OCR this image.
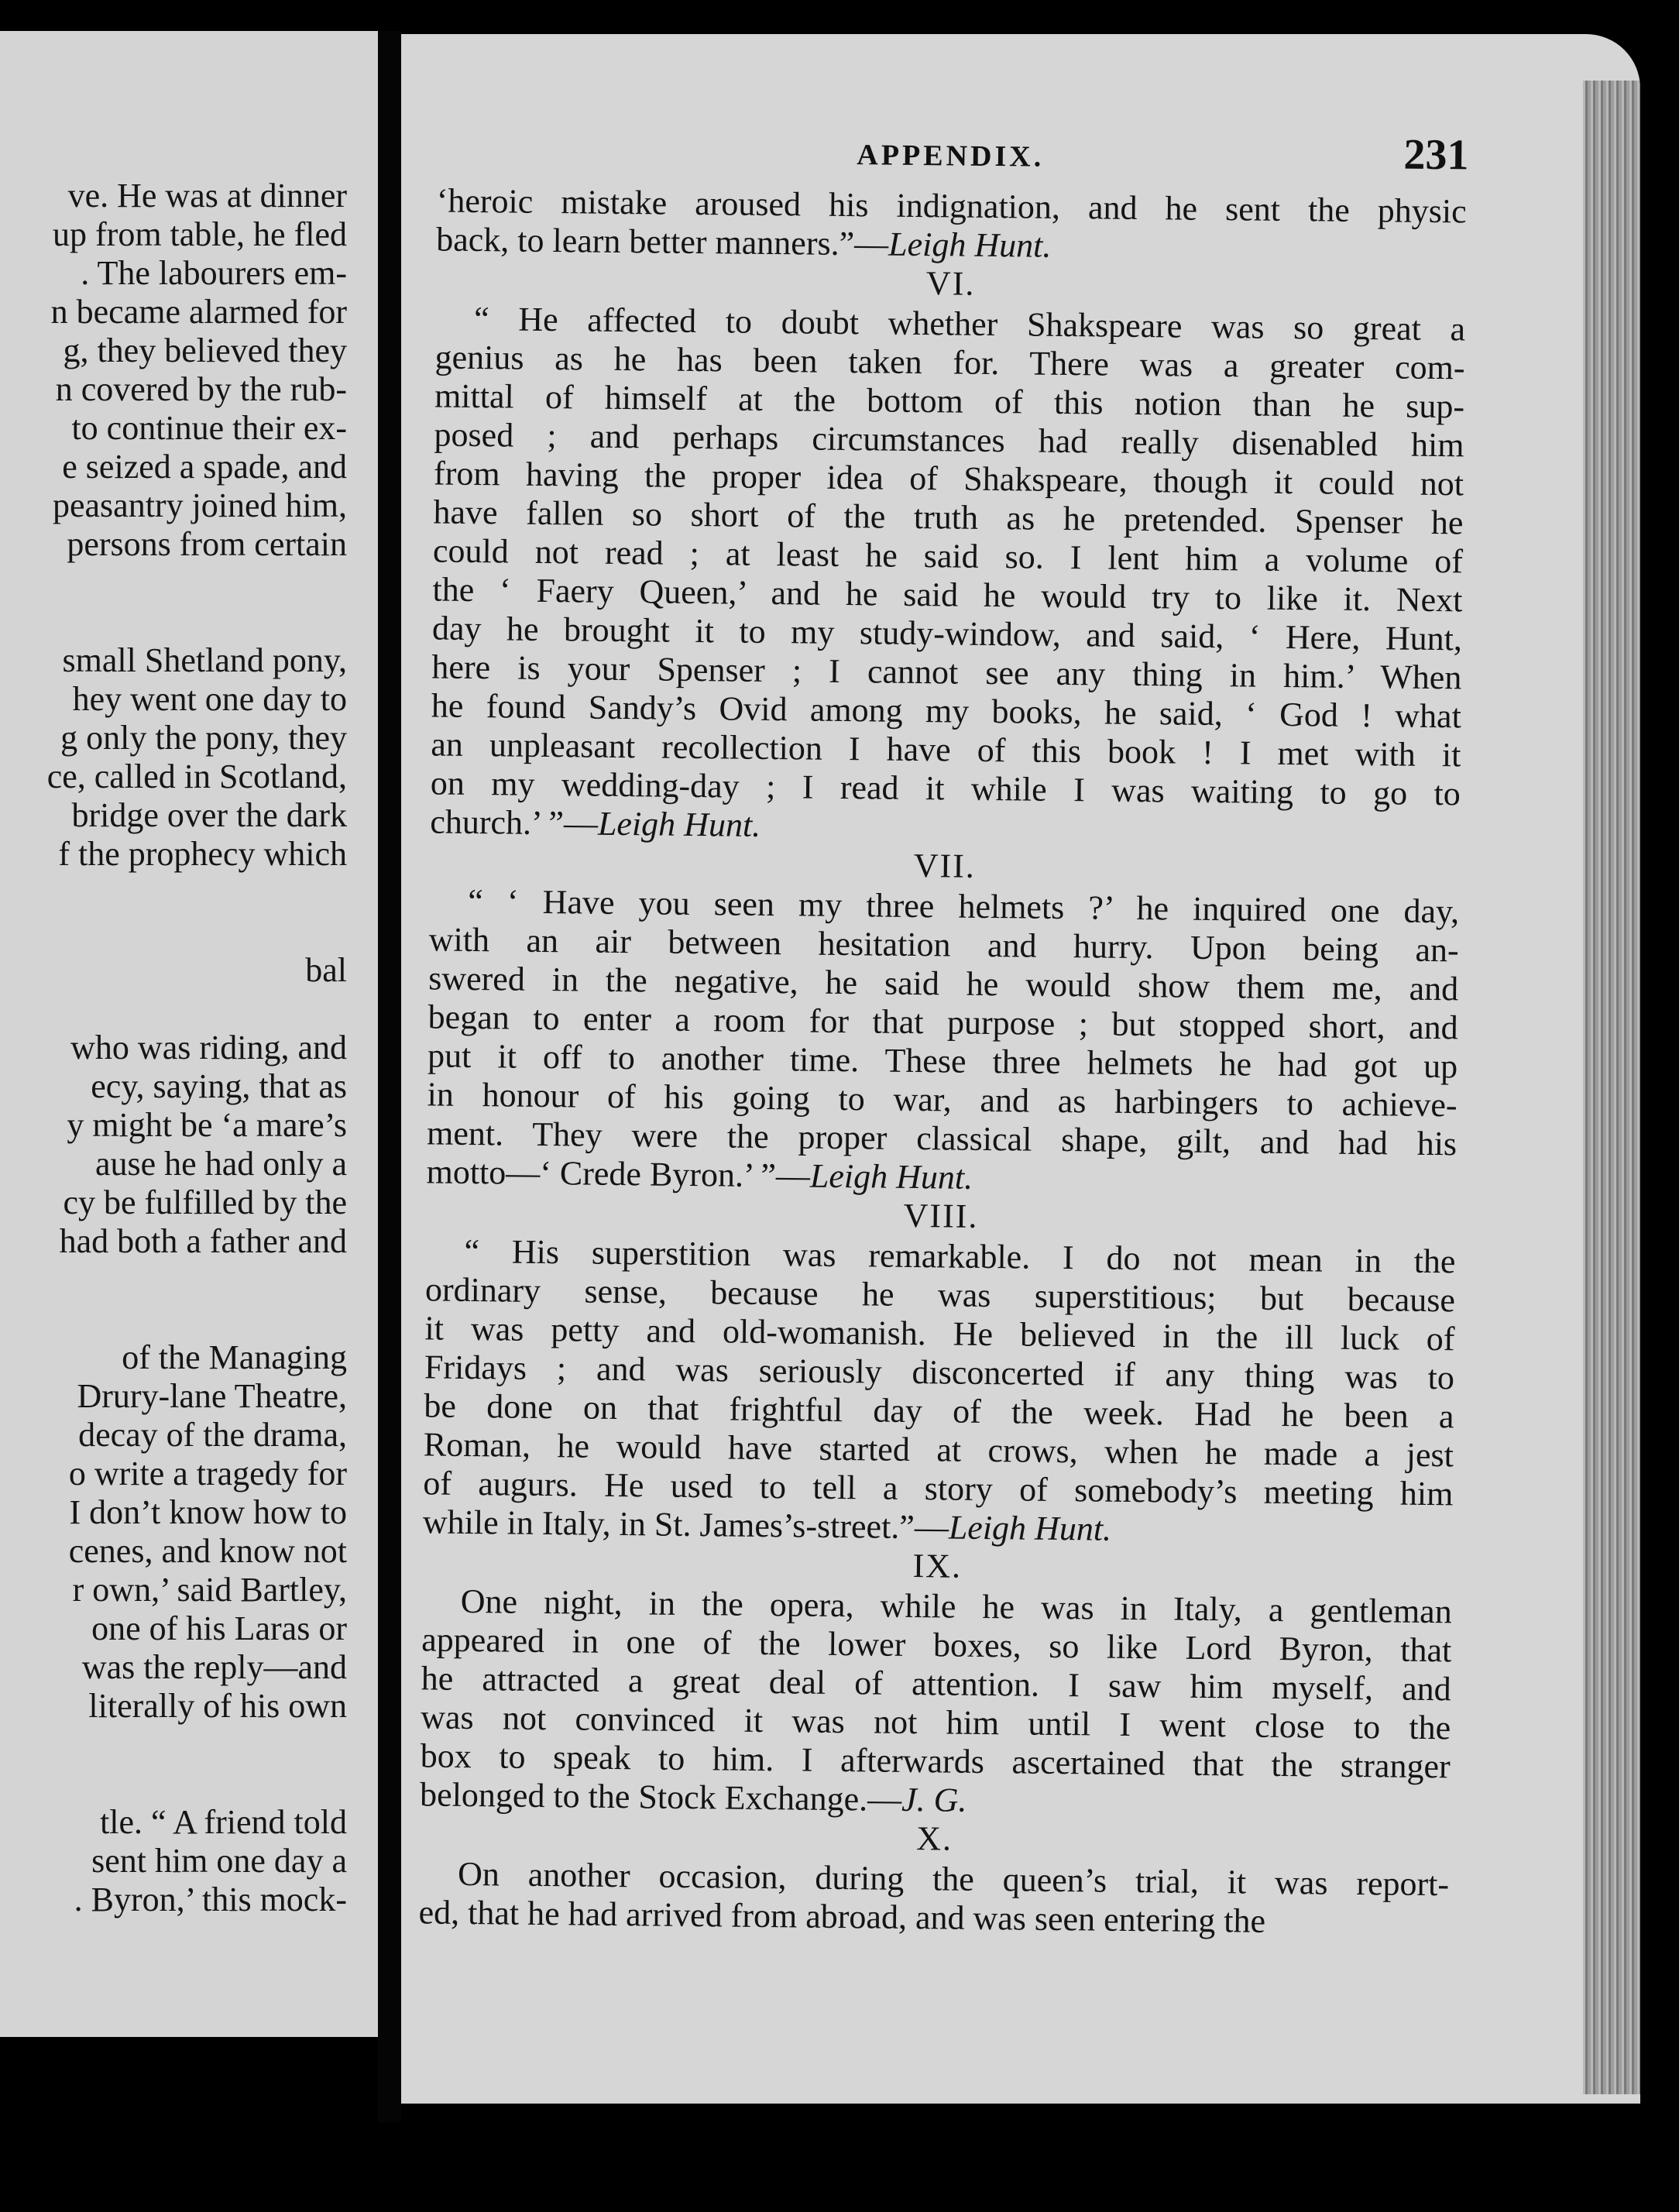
ve. He was at dinner
up from table, he fled
. The labourers em-
n became alarmed for
g, they believed they
n covered by the rub-
to continue their ex-
e seized a spade, and
peasantry joined him,
persons from certain
small Shetland pony,
hey went one day to
g only the pony, they
ce, called in Scotland,
bridge over the dark
f the prophecy which
bal
who was riding, and
ecy, saying, that as
y might be ‘a mare’s
ause he had only a
cy be fulfilled by the
had both a father and
of the Managing
Drury-lane Theatre,
decay of the drama,
o write a tragedy for
I don’t know how to
cenes, and know not
r own,’ said Bartley,
one of his Laras or
was the reply—and
literally of his own
tle. “ A friend told
sent him one day a
. Byron,’ this mock-
APPENDIX.	231
‘heroic mistake aroused his indignation, and he sent the physic
back, to learn better manners.”—Leigh Hunt.
VI.
“ He affected to doubt whether Shakspeare was so great a
genius as he has been taken for. There was a greater com-
mittal of himself at the bottom of this notion than he sup-
posed ; and perhaps circumstances had really disenabled him
from having the proper idea of Shakspeare, though it could not
have fallen so short of the truth as he pretended. Spenser he
could not read ; at least he said so. I lent him a volume of
the ‘ Faery Queen,’ and he said he would try to like it. Next
day he brought it to my study-window, and said, ‘ Here, Hunt,
here is your Spenser ; I cannot see any thing in him.’ When
he found Sandy’s Ovid among my books, he said, ‘ God ! what
an unpleasant recollection I have of this book ! I met with it
on my wedding-day ; I read it while I was waiting to go to
church.’ ”—Leigh Hunt.
VII.
“ ‘ Have you seen my three helmets ?’ he inquired one day,
with an air between hesitation and hurry. Upon being an-
swered in the negative, he said he would show them me, and
began to enter a room for that purpose ; but stopped short, and
put it off to another time. These three helmets he had got up
in honour of his going to war, and as harbingers to achieve-
ment. They were the proper classical shape, gilt, and had his
motto—‘ Crede Byron.’ ”—Leigh Hunt.
VIII.
“ His superstition was remarkable. I do not mean in the
ordinary sense, because he was superstitious; but because
it was petty and old-womanish. He believed in the ill luck of
Fridays ; and was seriously disconcerted if any thing was to
be done on that frightful day of the week. Had he been a
Roman, he would have started at crows, when he made a jest
of augurs. He used to tell a story of somebody’s meeting him
while in Italy, in St. James’s-street.”—Leigh Hunt.
IX.
One night, in the opera, while he was in Italy, a gentleman
appeared in one of the lower boxes, so like Lord Byron, that
he attracted a great deal of attention. I saw him myself, and
was not convinced it was not him until I went close to the
box to speak to him. I afterwards ascertained that the stranger
belonged to the Stock Exchange.—J. G.
X.
On another occasion, during the queen’s trial, it was report-
ed, that he had arrived from abroad, and was seen entering the
